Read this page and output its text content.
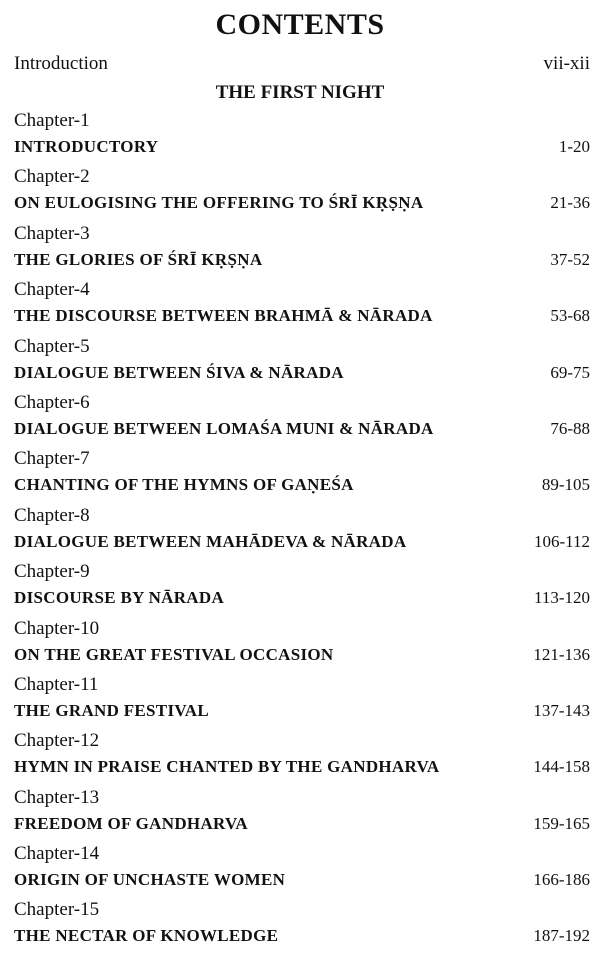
CONTENTS
Introduction	vii-xii
THE FIRST NIGHT
Chapter-1
INTRODUCTORY	1-20
Chapter-2
ON EULOGISING THE OFFERING TO ŚRĪ KṚṢṆA	21-36
Chapter-3
THE GLORIES OF ŚRĪ KṚṢṆA	37-52
Chapter-4
THE DISCOURSE BETWEEN BRAHMĀ & NĀRADA	53-68
Chapter-5
DIALOGUE BETWEEN ŚIVA & NĀRADA	69-75
Chapter-6
DIALOGUE BETWEEN LOMAŚA MUNI & NĀRADA	76-88
Chapter-7
CHANTING OF THE HYMNS OF GAṆEŚA	89-105
Chapter-8
DIALOGUE BETWEEN MAHĀDEVA & NĀRADA	106-112
Chapter-9
DISCOURSE BY NĀRADA	113-120
Chapter-10
ON THE GREAT FESTIVAL OCCASION	121-136
Chapter-11
THE GRAND FESTIVAL	137-143
Chapter-12
HYMN IN PRAISE CHANTED BY THE GANDHARVA	144-158
Chapter-13
FREEDOM OF GANDHARVA	159-165
Chapter-14
ORIGIN OF UNCHASTE WOMEN	166-186
Chapter-15
THE NECTAR OF KNOWLEDGE	187-192
